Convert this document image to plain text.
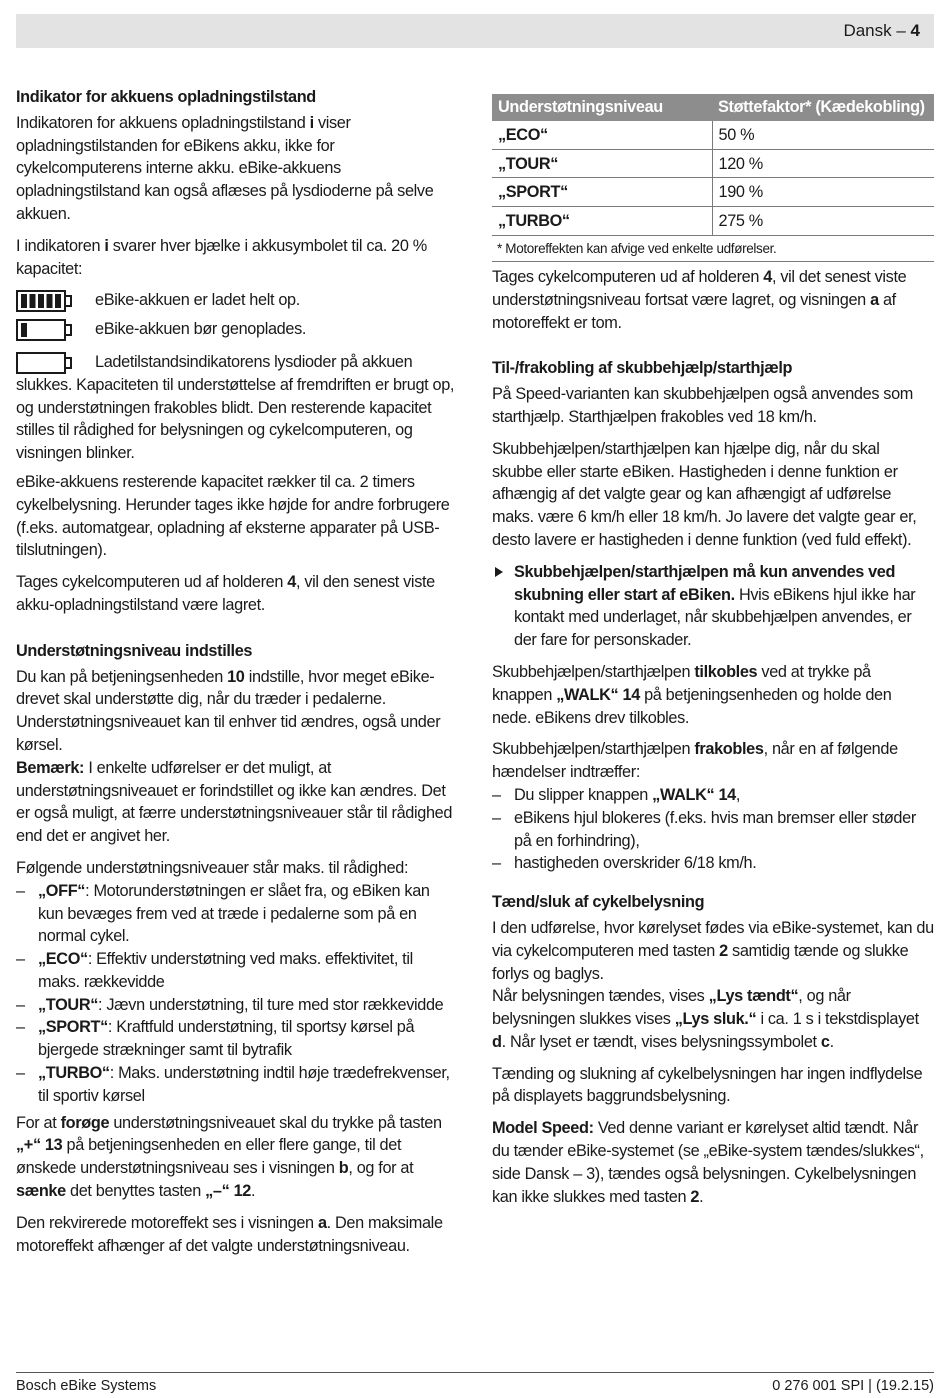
Dansk – 4
Indikator for akkuens opladningstilstand

Indikatoren for akkuens opladningstilstand i viser opladningstilstanden for eBikens akku, ikke for cykelcomputerens interne akku. eBike-akkuens opladningstilstand kan også aflæses på lysdioderne på selve akkuen.

I indikatoren i svarer hver bjælke i akkusymbolet til ca. 20 % kapacitet:

eBike-akkuen er ladet helt op.
eBike-akkuen bør genoplades.

Ladetilstandsindikatorens lysdioder på akkuen slukkes. Kapaciteten til understøttelse af fremdriften er brugt op, og understøtningen frakobles blidt. Den resterende kapacitet stilles til rådighed for belysningen og cykelcomputeren, og visningen blinker.

eBike-akkuens resterende kapacitet rækker til ca. 2 timers cykelbelysning. Herunder tages ikke højde for andre forbrugere (f.eks. automatgear, opladning af eksterne apparater på USB-tilslutningen).

Tages cykelcomputeren ud af holderen 4, vil den senest viste akku-opladningstilstand være lagret.

Understøtningsniveau indstilles

Du kan på betjeningsenheden 10 indstille, hvor meget eBike-drevet skal understøtte dig, når du træder i pedalerne. Understøtningsniveauet kan til enhver tid ændres, også under kørsel.

Bemærk: I enkelte udførelser er det muligt, at understøtningsniveauet er forindstillet og ikke kan ændres. Det er også muligt, at færre understøtningsniveauer står til rådighed end det er angivet her.

Følgende understøtningsniveauer står maks. til rådighed:

– „OFF“: Motorunderstøtningen er slået fra, og eBiken kan kun bevæges frem ved at træde i pedalerne som på en normal cykel.
– „ECO“: Effektiv understøtning ved maks. effektivitet, til maks. rækkevidde
– „TOUR“: Jævn understøtning, til ture med stor rækkevidde
– „SPORT“: Kraftfuld understøtning, til sportsy kørsel på bjergede strækninger samt til bytrafik
– „TURBO“: Maks. understøtning indtil høje trædefrekvenser, til sportiv kørsel

For at forøge understøtningsniveauet skal du trykke på tasten „+“ 13 på betjeningsenheden en eller flere gange, til det ønskede understøtningsniveau ses i visningen b, og for at sænke det benyttes tasten „–“ 12.

Den rekvirerede motoreffekt ses i visningen a. Den maksimale motoreffekt afhænger af det valgte understøtningsniveau.

Understøtningsniveau	Støttefaktor* (Kædekobling)
„ECO“	50 %
„TOUR“	120 %
„SPORT“	190 %
„TURBO“	275 %
* Motoreffekten kan afvige ved enkelte udførelser.

Tages cykelcomputeren ud af holderen 4, vil det senest viste understøtningsniveau fortsat være lagret, og visningen a af motoreffekt er tom.

Til-/frakobling af skubbehjælp/starthjælp

På Speed-varianten kan skubbehjælpen også anvendes som starthjælp. Starthjælpen frakobles ved 18 km/h.

Skubbehjælpen/starthjælpen kan hjælpe dig, når du skal skubbe eller starte eBiken. Hastigheden i denne funktion er afhængig af det valgte gear og kan afhængigt af udførelse maks. være 6 km/h eller 18 km/h. Jo lavere det valgte gear er, desto lavere er hastigheden i denne funktion (ved fuld effekt).

Skubbehjælpen/starthjælpen må kun anvendes ved skubning eller start af eBiken. Hvis eBikens hjul ikke har kontakt med underlaget, når skubbehjælpen anvendes, er der fare for personskader.

Skubbehjælpen/starthjælpen tilkobles ved at trykke på knappen „WALK“ 14 på betjeningsenheden og holde den nede. eBikens drev tilkobles.

Skubbehjælpen/starthjælpen frakobles, når en af følgende hændelser indtræffer:

– Du slipper knappen „WALK“ 14,
– eBikens hjul blokeres (f.eks. hvis man bremser eller støder på en forhindring),
– hastigheden overskrider 6/18 km/h.
Tænd/sluk af cykelbelysning

I den udførelse, hvor kørelyset fødes via eBike-systemet, kan du via cykelcomputeren med tasten 2 samtidig tænde og slukke forlys og baglys.

Når belysningen tændes, vises „Lys tændt“, og når belysningen slukkes vises „Lys sluk.“ i ca. 1 s i tekstdisplayet d. Når lyset er tændt, vises belysningssymbolet c.

Tænding og slukning af cykelbelysningen har ingen indflydelse på displayets baggrundsbelysning.

Model Speed: Ved denne variant er kørelyset altid tændt. Når du tænder eBike-systemet (se „eBike-system tændes/slukkes“, side Dansk – 3), tændes også belysningen. Cykelbelysningen kan ikke slukkes med tasten 2.

Bosch eBike Systems	0 276 001 SPI | (19.2.15)
